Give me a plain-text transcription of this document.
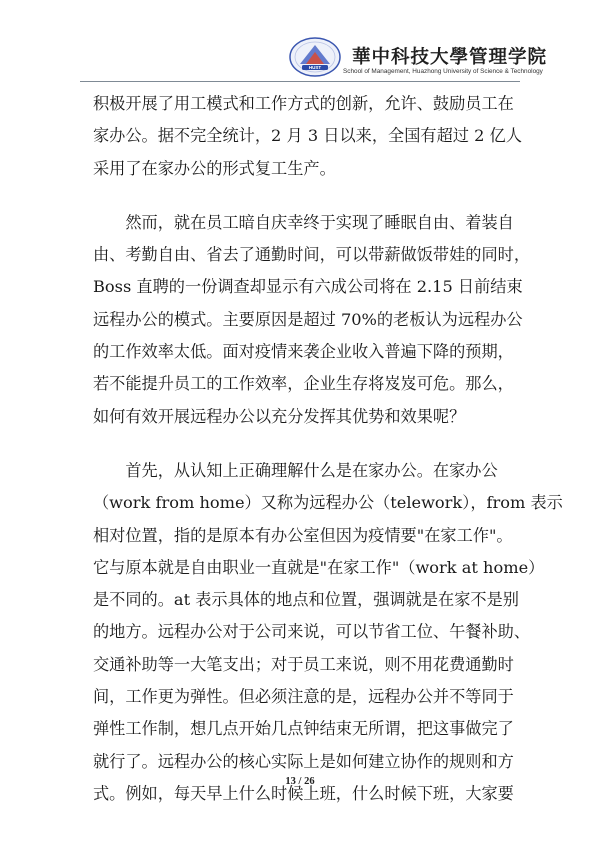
HUST 華中科技大學管理学院
School of Management, Huazhong University of Science & Technology
积极开展了用工模式和工作方式的创新，允许、鼓励员工在
家办公。据不完全统计，2 月 3 日以来，全国有超过 2 亿人
采用了在家办公的形式复工生产。
　　然而，就在员工暗自庆幸终于实现了睡眠自由、着装自
由、考勤自由、省去了通勤时间，可以带薪做饭带娃的同时，
Boss 直聘的一份调查却显示有六成公司将在 2.15 日前结束
远程办公的模式。主要原因是超过 70%的老板认为远程办公
的工作效率太低。面对疫情来袭企业收入普遍下降的预期，
若不能提升员工的工作效率，企业生存将岌岌可危。那么，
如何有效开展远程办公以充分发挥其优势和效果呢？
　　首先，从认知上正确理解什么是在家办公。在家办公
（work from home）又称为远程办公（telework），from 表示
相对位置，指的是原本有办公室但因为疫情要"在家工作"。
它与原本就是自由职业一直就是"在家工作"（work at home）
是不同的。at 表示具体的地点和位置，强调就是在家不是别
的地方。远程办公对于公司来说，可以节省工位、午餐补助、
交通补助等一大笔支出；对于员工来说，则不用花费通勤时
间，工作更为弹性。但必须注意的是，远程办公并不等同于
弹性工作制，想几点开始几点钟结束无所谓，把这事做完了
就行了。远程办公的核心实际上是如何建立协作的规则和方
式。例如，每天早上什么时候上班，什么时候下班，大家要
13 / 26
